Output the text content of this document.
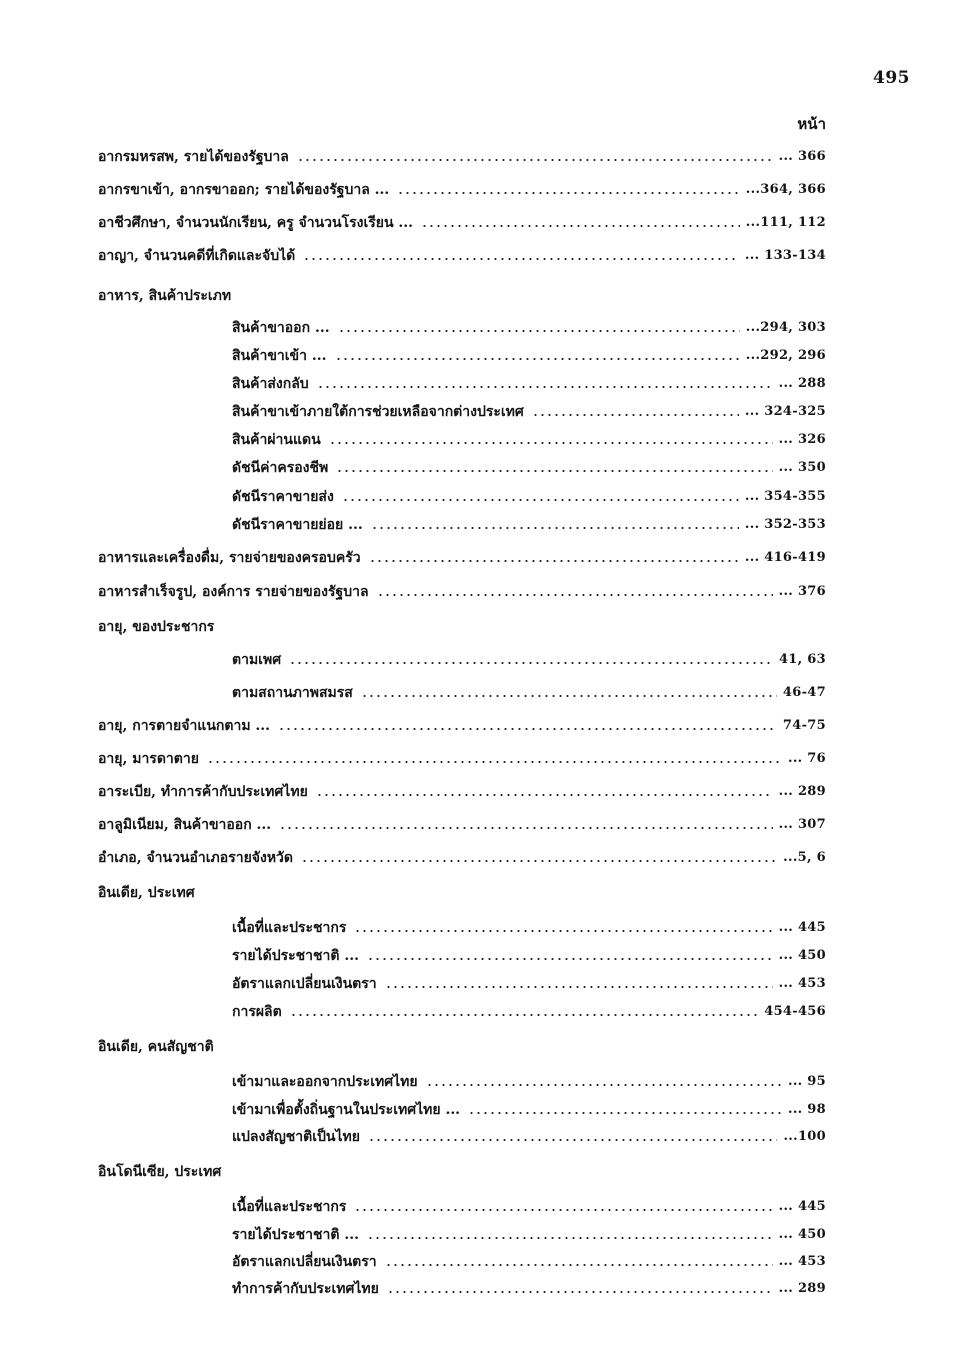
495
หน้า
อากรมหรสพ, รายได้ของรัฐบาล	... 366
อากรขาเข้า, อากรขาออก; รายได้ของรัฐบาล ...	...364, 366
อาชีวศึกษา, จำนวนนักเรียน, ครู จำนวนโรงเรียน ...	...111, 112
อาญา, จำนวนคดีที่เกิดและจับได้	... 133-134
อาหาร, สินค้าประเภท
สินค้าขาออก ...	...294, 303
สินค้าขาเข้า ...	...292, 296
สินค้าส่งกลับ	... 288
สินค้าขาเข้าภายใต้การช่วยเหลือจากต่างประเทศ	... 324-325
สินค้าผ่านแดน	... 326
ดัชนีค่าครองชีพ	... 350
ดัชนีราคาขายส่ง	... 354-355
ดัชนีราคาขายย่อย ...	... 352-353
อาหารและเครื่องดื่ม, รายจ่ายของครอบครัว	... 416-419
อาหารสำเร็จรูป, องค์การ รายจ่ายของรัฐบาล	... 376
อายุ, ของประชากร
ตามเพศ	41, 63
ตามสถานภาพสมรส	46-47
อายุ, การตายจำแนกตาม ...	74-75
อายุ, มารดาตาย	... 76
อาระเบีย, ทำการค้ากับประเทศไทย	... 289
อาลูมิเนียม, สินค้าขาออก ...	... 307
อำเภอ, จำนวนอำเภอรายจังหวัด	...5, 6
อินเดีย, ประเทศ
เนื้อที่และประชากร	... 445
รายได้ประชาชาติ ...	... 450
อัตราแลกเปลี่ยนเงินตรา	... 453
การผลิต	454-456
อินเดีย, คนสัญชาติ
เข้ามาและออกจากประเทศไทย	... 95
เข้ามาเพื่อตั้งถิ่นฐานในประเทศไทย ...	... 98
แปลงสัญชาติเป็นไทย	...100
อินโดนีเซีย, ประเทศ
เนื้อที่และประชากร	... 445
รายได้ประชาชาติ ...	... 450
อัตราแลกเปลี่ยนเงินตรา	... 453
ทำการค้ากับประเทศไทย	... 289
